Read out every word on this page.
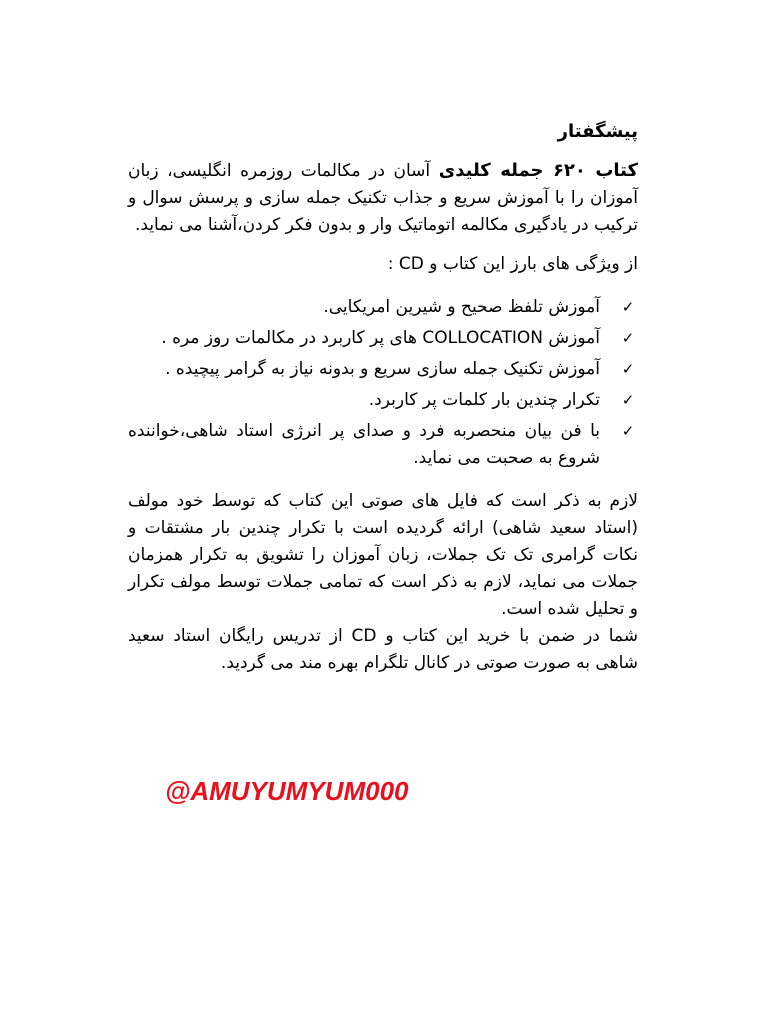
پیشگفتار

کتاب ۶۲۰ جمله کلیدی آسان در مکالمات روزمره انگلیسی، زبان آموزان را با آموزش سریع و جذاب تکنیک جمله سازی و پرسش سوال و ترکیب در یادگیری مکالمه اتوماتیک وار و بدون فکر کردن،آشنا می نماید.

از ویژگی های بارز این کتاب و CD :

✓
آموزش تلفظ صحیح و شیرین امریکایی.
✓
آموزش COLLOCATION های پر کاربرد در مکالمات روز مره .
✓
آموزش تکنیک جمله سازی سریع و بدونه نیاز به گرامر پیچیده .
✓
تکرار چندین بار کلمات پر کاربرد.
✓
با فن بیان منحصربه فرد و صدای پر انرژی استاد شاهی،خواننده شروع به صحبت می نماید.

لازم به ذکر است که فایل های صوتی این کتاب که توسط خود مولف (استاد سعید شاهی) ارائه گردیده است با تکرار چندین بار مشتقات و نکات گرامری تک تک جملات، زبان آموزان را تشویق به تکرار همزمان جملات می نماید، لازم به ذکر است که تمامی جملات توسط مولف تکرار و تحلیل شده است.

شما در ضمن با خرید این کتاب و CD از تدریس رایگان استاد سعید شاهی به صورت صوتی در کانال تلگرام بهره مند می گردید.

@AMUYUMYUM000
